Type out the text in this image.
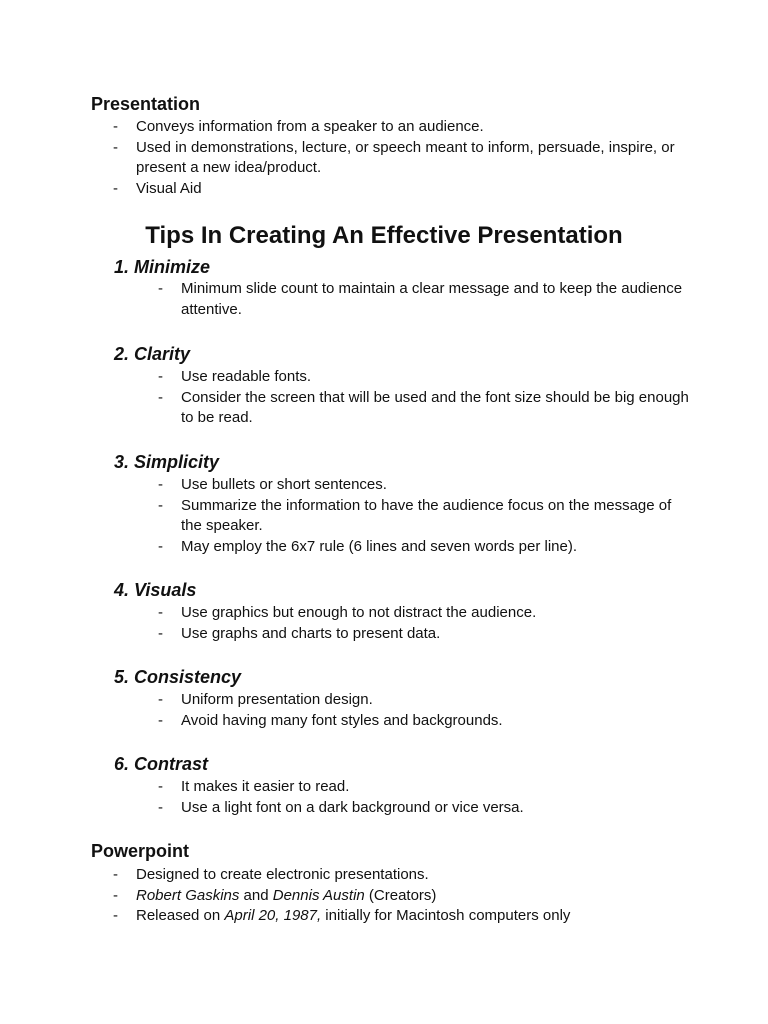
Presentation
- Conveys information from a speaker to an audience.
- Used in demonstrations, lecture, or speech meant to inform, persuade, inspire, or present a new idea/product.
- Visual Aid
Tips In Creating An Effective Presentation
1. Minimize
- Minimum slide count to maintain a clear message and to keep the audience attentive.
2. Clarity
- Use readable fonts.
- Consider the screen that will be used and the font size should be big enough to be read.
3. Simplicity
- Use bullets or short sentences.
- Summarize the information to have the audience focus on the message of the speaker.
- May employ the 6x7 rule (6 lines and seven words per line).
4. Visuals
- Use graphics but enough to not distract the audience.
- Use graphs and charts to present data.
5. Consistency
- Uniform presentation design.
- Avoid having many font styles and backgrounds.
6. Contrast
- It makes it easier to read.
- Use a light font on a dark background or vice versa.
Powerpoint
- Designed to create electronic presentations.
- Robert Gaskins and Dennis Austin (Creators)
- Released on April 20, 1987, initially for Macintosh computers only
